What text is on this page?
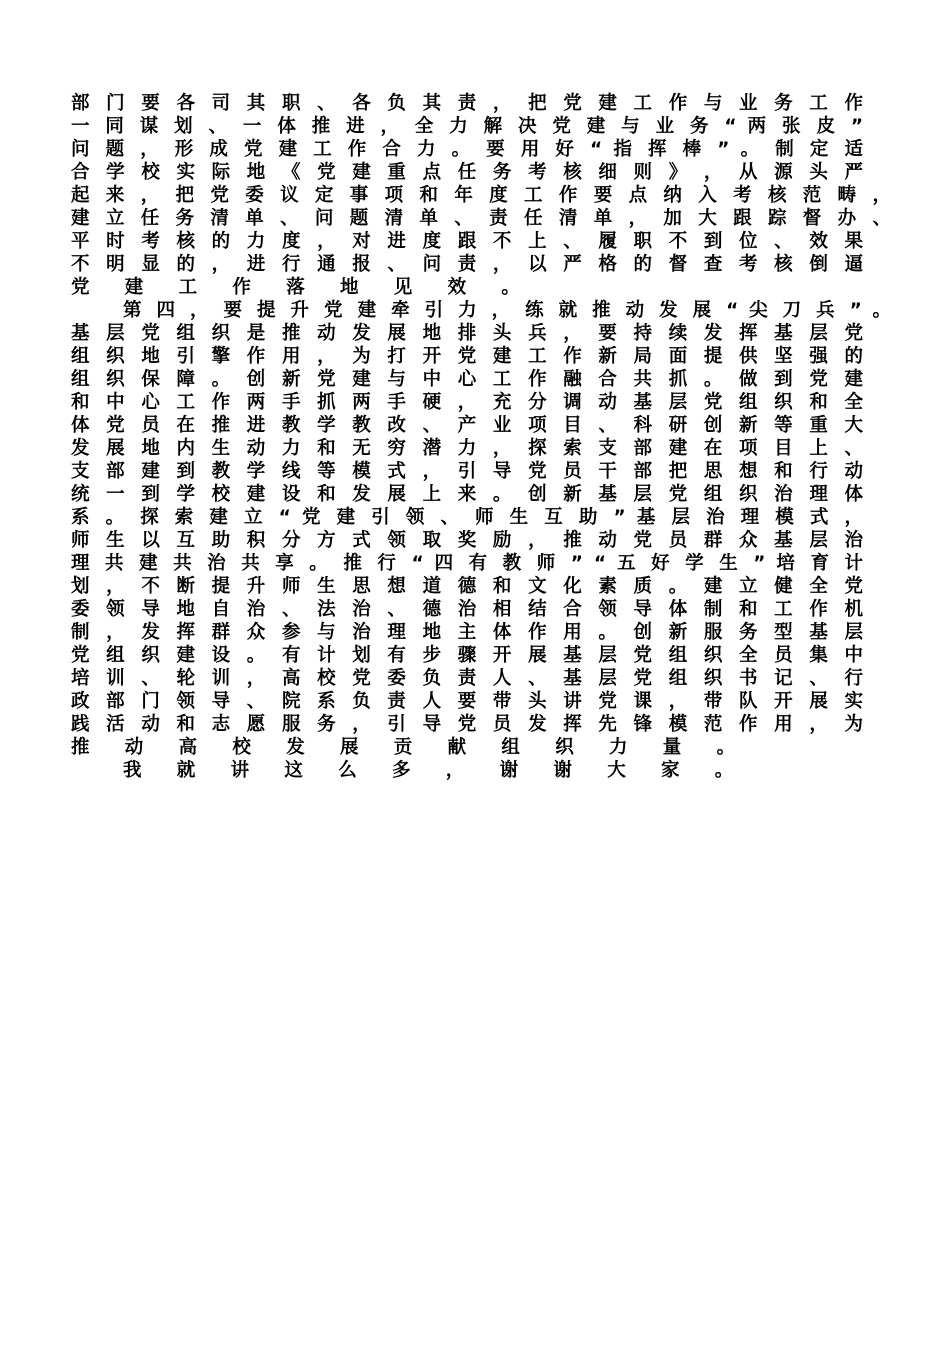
部 门 要 各 司 其 职 、 各 负 其 责 ， 把 党 建 工 作 与 业 务 工 作
一 同 谋 划 、 一 体 推 进 ， 全 力 解 决 党 建 与 业 务 “ 两 张 皮 ”
问 题 ， 形 成 党 建 工 作 合 力 。 要 用 好 “ 指 挥 棒 ” 。 制 定 适
合 学 校 实 际 地 《 党 建 重 点 任 务 考 核 细 则 》 ， 从 源 头 严
起 来 ， 把 党 委 议 定 事 项 和 年 度 工 作 要 点 纳 入 考 核 范 畴 ，
建 立 任 务 清 单 、 问 题 清 单 、 责 任 清 单 ， 加 大 跟 踪 督 办 、
平 时 考 核 的 力 度 ， 对 进 度 跟 不 上 、 履 职 不 到 位 、 效 果
不 明 显 的 ， 进 行 通 报 、 问 责 ， 以 严 格 的 督 查 考 核 倒 逼
党 建 工 作 落 地 见 效 。
第 四 ， 要 提 升 党 建 牵 引 力 ， 练 就 推 动 发 展 “ 尖 刀 兵 ” 。
基 层 党 组 织 是 推 动 发 展 地 排 头 兵 ， 要 持 续 发 挥 基 层 党
组 织 地 引 擎 作 用 ， 为 打 开 党 建 工 作 新 局 面 提 供 坚 强 的
组 织 保 障 。 创 新 党 建 与 中 心 工 作 融 合 共 抓 。 做 到 党 建
和 中 心 工 作 两 手 抓 两 手 硬 ， 充 分 调 动 基 层 党 组 织 和 全
体 党 员 在 推 进 教 学 教 改 、 产 业 项 目 、 科 研 创 新 等 重 大
发 展 地 内 生 动 力 和 无 穷 潜 力 ， 探 索 支 部 建 在 项 目 上 、
支 部 建 到 教 学 线 等 模 式 ， 引 导 党 员 干 部 把 思 想 和 行 动
统 一 到 学 校 建 设 和 发 展 上 来 。 创 新 基 层 党 组 织 治 理 体
系 。 探 索 建 立 “ 党 建 引 领 、 师 生 互 助 ” 基 层 治 理 模 式 ，
师 生 以 互 助 积 分 方 式 领 取 奖 励 ， 推 动 党 员 群 众 基 层 治
理 共 建 共 治 共 享 。 推 行 “ 四 有 教 师 ” “ 五 好 学 生 ” 培 育 计
划 ， 不 断 提 升 师 生 思 想 道 德 和 文 化 素 质 。 建 立 健 全 党
委 领 导 地 自 治 、 法 治 、 德 治 相 结 合 领 导 体 制 和 工 作 机
制 ， 发 挥 群 众 参 与 治 理 地 主 体 作 用 。 创 新 服 务 型 基 层
党 组 织 建 设 。 有 计 划 有 步 骤 开 展 基 层 党 组 织 全 员 集 中
培 训 、 轮 训 ， 高 校 党 委 负 责 人 、 基 层 党 组 织 书 记 、 行
政 部 门 领 导 、 院 系 负 责 人 要 带 头 讲 党 课 ， 带 队 开 展 实
践 活 动 和 志 愿 服 务 ， 引 导 党 员 发 挥 先 锋 模 范 作 用 ， 为
推 动 高 校 发 展 贡 献 组 织 力 量 。
我 就 讲 这 么 多 ， 谢 谢 大 家 。
